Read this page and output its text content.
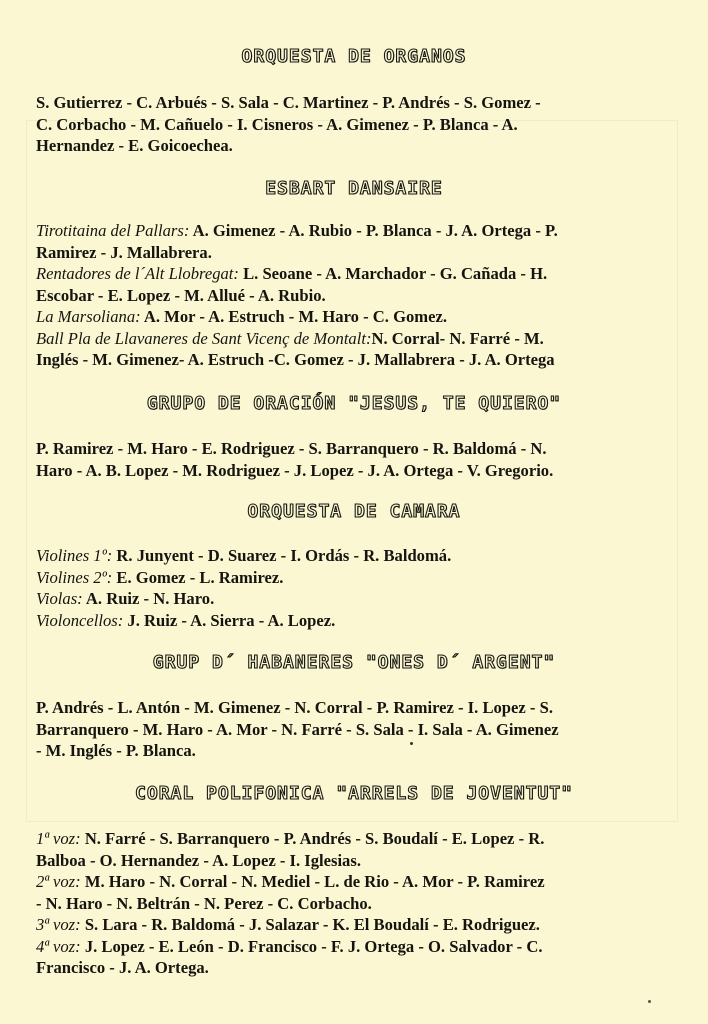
ORQUESTA DE ORGANOS

S. Gutierrez - C. Arbués - S. Sala - C. Martinez - P. Andrés - S. Gomez -
C. Corbacho - M. Cañuelo - I. Cisneros - A. Gimenez - P. Blanca - A.
Hernandez - E. Goicoechea.

ESBART DANSAIRE

Tirotitaina del Pallars: A. Gimenez - A. Rubio - P. Blanca - J. A. Ortega - P.
Ramirez - J. Mallabrera.
Rentadores de l´Alt Llobregat: L. Seoane - A. Marchador - G. Cañada - H.
Escobar - E. Lopez - M. Allué - A. Rubio.
La Marsoliana: A. Mor - A. Estruch - M. Haro - C. Gomez.
Ball Pla de Llavaneres de Sant Vicenç de Montalt:N. Corral- N. Farré - M.
Inglés - M. Gimenez- A. Estruch -C. Gomez - J. Mallabrera - J. A. Ortega

GRUPO DE ORACIÓN "JESUS, TE QUIERO"

P. Ramirez - M. Haro - E. Rodriguez - S. Barranquero - R. Baldomá - N.
Haro - A. B. Lopez - M. Rodriguez - J. Lopez - J. A. Ortega - V. Gregorio.

ORQUESTA DE CAMARA

Violines 1º: R. Junyent - D. Suarez - I. Ordás - R. Baldomá.
Violines 2º: E. Gomez - L. Ramirez.
Violas: A. Ruiz - N. Haro.
Violoncellos: J. Ruiz - A. Sierra - A. Lopez.

GRUP D´ HABANERES "ONES D´ ARGENT"

P. Andrés - L. Antón - M. Gimenez - N. Corral - P. Ramirez - I. Lopez - S.
Barranquero - M. Haro - A. Mor - N. Farré - S. Sala - I. Sala - A. Gimenez
- M. Inglés - P. Blanca.

CORAL POLIFONICA "ARRELS DE JOVENTUT"

1ª voz: N. Farré - S. Barranquero - P. Andrés - S. Boudalí - E. Lopez - R.
Balboa - O. Hernandez - A. Lopez - I. Iglesias.
2ª voz: M. Haro - N. Corral - N. Mediel - L. de Rio - A. Mor - P. Ramirez
- N. Haro - N. Beltrán - N. Perez - C. Corbacho.
3ª voz: S. Lara - R. Baldomá - J. Salazar - K. El Boudalí - E. Rodriguez.
4ª voz: J. Lopez - E. León - D. Francisco - F. J. Ortega - O. Salvador - C.
Francisco - J. A. Ortega.
